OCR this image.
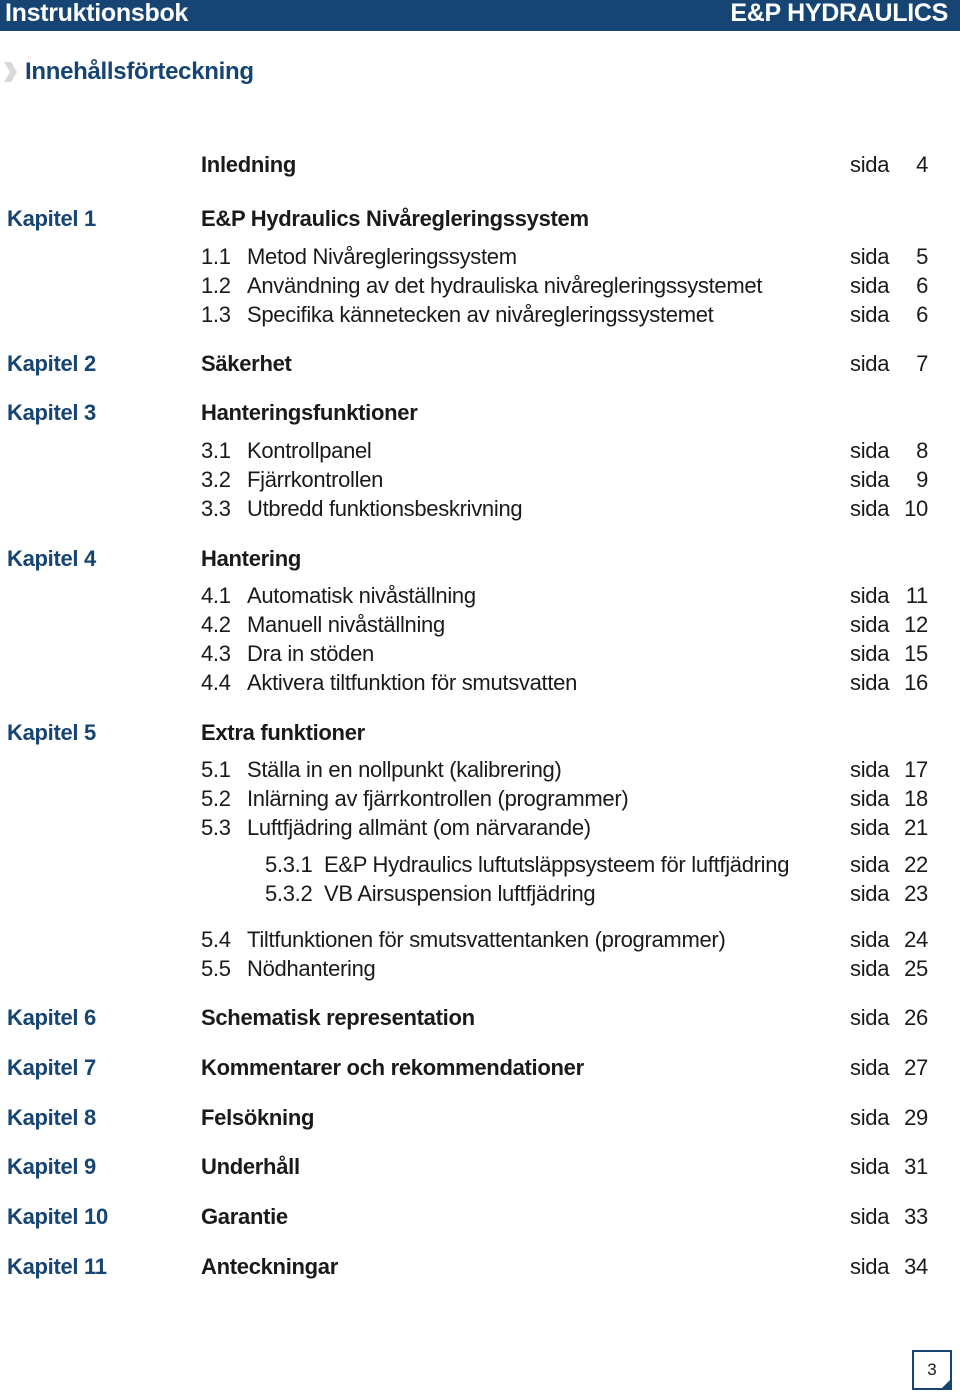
Instruktionsbok	E&P HYDRAULICS
Innehållsförteckning
Inledning	sida 4
Kapitel 1	E&P Hydraulics Nivåregleringssystem
1.1 Metod Nivåregleringssystem	sida 5
1.2 Användning av det hydrauliska nivåregleringssystemet	sida 6
1.3 Specifika kännetecken av nivåregleringssystemet	sida 6
Kapitel 2	Säkerhet	sida 7
Kapitel 3	Hanteringsfunktioner
3.1 Kontrollpanel	sida 8
3.2 Fjärrkontrollen	sida 9
3.3 Utbredd funktionsbeskrivning	sida 10
Kapitel 4	Hantering
4.1 Automatisk nivåställning	sida 11
4.2 Manuell nivåställning	sida 12
4.3 Dra in stöden	sida 15
4.4 Aktivera tiltfunktion för smutsvatten	sida 16
Kapitel 5	Extra funktioner
5.1 Ställa in en nollpunkt (kalibrering)	sida 17
5.2 Inlärning av fjärrkontrollen (programmer)	sida 18
5.3 Luftfjädring allmänt (om närvarande)	sida 21
5.3.1 E&P Hydraulics luftutsläppsysteem för luftfjädring	sida 22
5.3.2 VB Airsuspension luftfjädring	sida 23
5.4 Tiltfunktionen för smutsvattentanken (programmer)	sida 24
5.5 Nödhantering	sida 25
Kapitel 6	Schematisk representation	sida 26
Kapitel 7	Kommentarer och rekommendationer	sida 27
Kapitel 8	Felsökning	sida 29
Kapitel 9	Underhåll	sida 31
Kapitel 10	Garantie	sida 33
Kapitel 11	Anteckningar	sida 34
3
